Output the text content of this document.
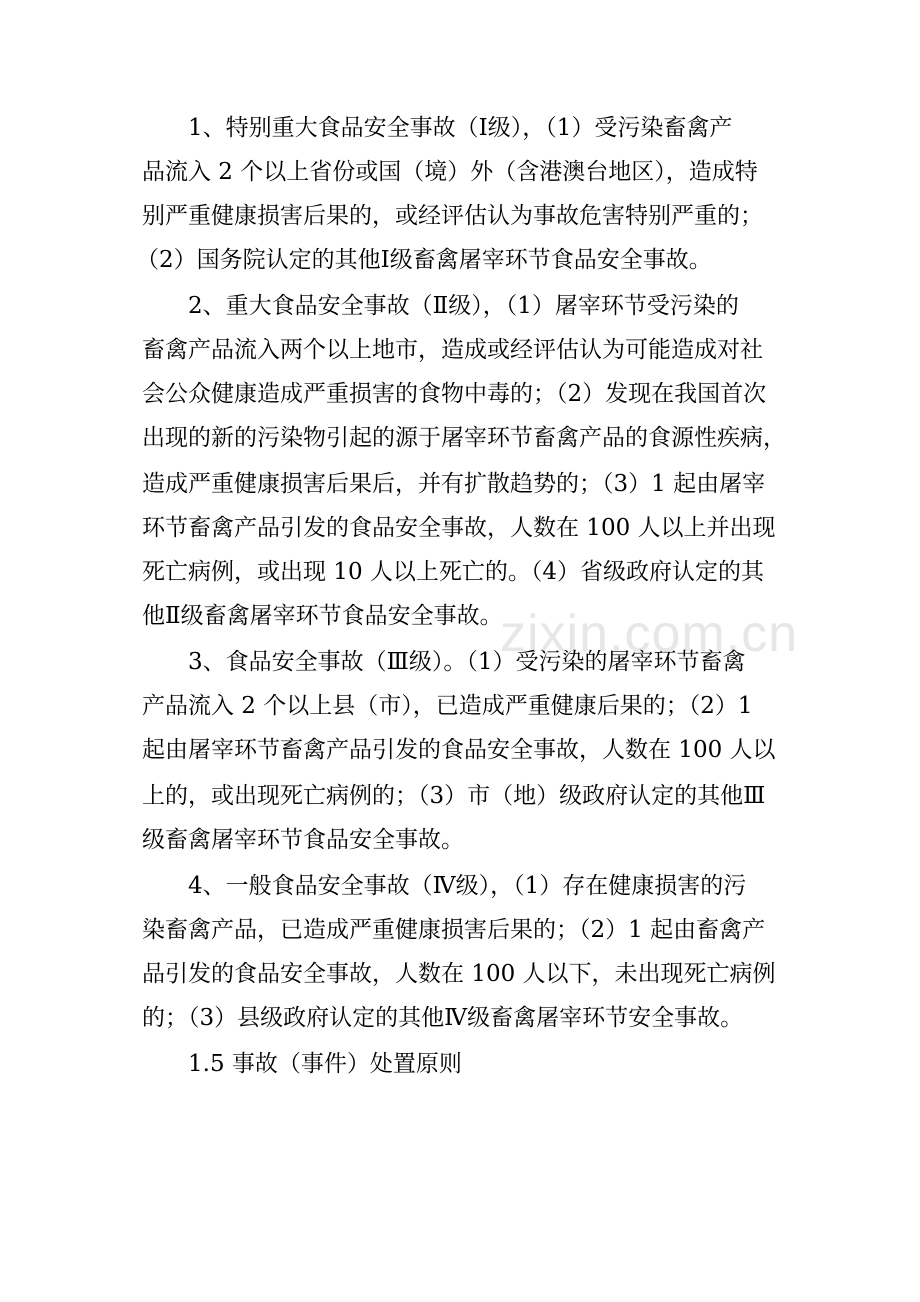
zixin.com.cn
1、特别重大食品安全事故（Ⅰ级），（1）受污染畜禽产
品流入 2 个以上省份或国（境）外（含港澳台地区），造成特
别严重健康损害后果的，或经评估认为事故危害特别严重的；
（2）国务院认定的其他Ⅰ级畜禽屠宰环节食品安全事故。
2、重大食品安全事故（Ⅱ级），（1）屠宰环节受污染的
畜禽产品流入两个以上地市，造成或经评估认为可能造成对社
会公众健康造成严重损害的食物中毒的；（2）发现在我国首次
出现的新的污染物引起的源于屠宰环节畜禽产品的食源性疾病，
造成严重健康损害后果后，并有扩散趋势的；（3）1 起由屠宰
环节畜禽产品引发的食品安全事故，人数在 100 人以上并出现
死亡病例，或出现 10 人以上死亡的。（4）省级政府认定的其
他Ⅱ级畜禽屠宰环节食品安全事故。
3、食品安全事故（Ⅲ级）。（1）受污染的屠宰环节畜禽
产品流入 2 个以上县（市），已造成严重健康后果的；（2）1
起由屠宰环节畜禽产品引发的食品安全事故，人数在 100 人以
上的，或出现死亡病例的；（3）市（地）级政府认定的其他Ⅲ
级畜禽屠宰环节食品安全事故。
4、一般食品安全事故（Ⅳ级），（1）存在健康损害的污
染畜禽产品，已造成严重健康损害后果的；（2）1 起由畜禽产
品引发的食品安全事故，人数在 100 人以下，未出现死亡病例
的；（3）县级政府认定的其他Ⅳ级畜禽屠宰环节安全事故。
1.5 事故（事件）处置原则
